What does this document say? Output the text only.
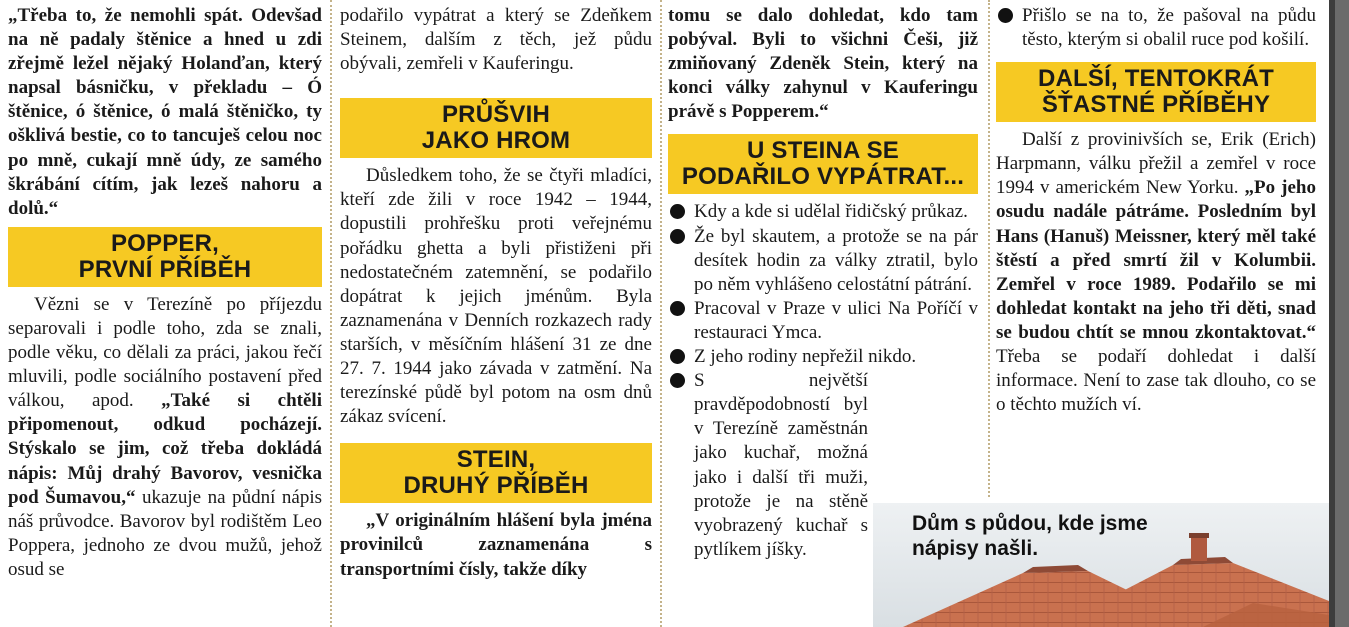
„Třeba to, že nemohli spát. Odevšad na ně padaly štěnice a hned u zdi zřejmě ležel nějaký Holanďan, který napsal básničku, v překladu – Ó štěnice, ó štěnice, ó malá štěničko, ty ošklivá bestie, co to tancuješ celou noc po mně, cukají mně údy, ze samého škrábání cítím, jak lezeš nahoru a dolů.“

POPPER,
PRVNÍ PŘÍBĚH

Vězni se v Terezíně po příjezdu separovali i podle toho, zda se znali, podle věku, co dělali za práci, jakou řečí mluvili, podle sociálního postavení před válkou, apod. „Také si chtěli připomenout, odkud pocházejí. Stýskalo se jim, což třeba dokládá nápis: Můj drahý Bavorov, vesnička pod Šumavou,“ ukazuje na půdní nápis náš průvodce. Bavorov byl rodištěm Leo Poppera, jednoho ze dvou mužů, jehož osud se

podařilo vypátrat a který se Zdeňkem Steinem, dalším z těch, jež půdu obývali, zemřeli v Kauferingu.

PRŮŠVIH
JAKO HROM

Důsledkem toho, že se čtyři mladíci, kteří zde žili v roce 1942 – 1944, dopustili prohřešku proti veřejnému pořádku ghetta a byli přistiženi při nedostatečném zatemnění, se podařilo dopátrat k jejich jménům. Byla zaznamenána v Denních rozkazech rady starších, v měsíčním hlášení 31 ze dne 27. 7. 1944 jako závada v zatmění. Na terezínské půdě byl potom na osm dnů zákaz svícení.

STEIN,
DRUHÝ PŘÍBĚH

„V originálním hlášení byla jména provinilců zaznamenána s transportními čísly, takže díky

tomu se dalo dohledat, kdo tam pobýval. Byli to všichni Češi, již zmiňovaný Zdeněk Stein, který na konci války zahynul v Kauferingu právě s Popperem.“

U STEINA SE
PODAŘILO VYPÁTRAT...
Kdy a kde si udělal řidičský průkaz.
Že byl skautem, a protože se na pár desítek hodin za války ztratil, bylo po něm vyhlášeno celostátní pátrání.
Pracoval v Praze v ulici Na Poříčí v restauraci Ymca.
Z jeho rodiny nepřežil nikdo.
S největší pravděpodobností byl v Terezíně zaměstnán jako kuchař, možná jako i další tři muži, protože je na stěně vyobrazený kuchař s pytlíkem jíšky.
Přišlo se na to, že pašoval na půdu těsto, kterým si obalil ruce pod košilí.
DALŠÍ, TENTOKRÁT
ŠŤASTNÉ PŘÍBĚHY

Další z provinivších se, Erik (Erich) Harpmann, válku přežil a zemřel v roce 1994 v americkém New Yorku. „Po jeho osudu nadále pátráme. Posledním byl Hans (Hanuš) Meissner, který měl také štěstí a před smrtí žil v Kolumbii. Zemřel v roce 1989. Podařilo se mi dohledat kontakt na jeho tři děti, snad se budou chtít se mnou zkontaktovat.“ Třeba se podaří dohledat i další informace. Není to zase tak dlouho, co se o těchto mužích ví.

Dům s půdou, kde jsme
nápisy našli.
